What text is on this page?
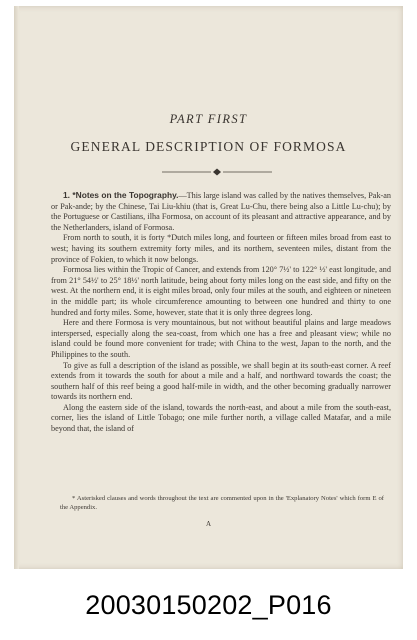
PART FIRST
GENERAL DESCRIPTION OF FORMOSA

1. *Notes on the Topography.—This large island was called by the natives themselves, Pak-an or Pak-ande; by the Chinese, Tai Liu-khiu (that is, Great Lu-Chu, there being also a Little Lu-chu); by the Portuguese or Castilians, ilha Formosa, on account of its pleasant and attractive appearance, and by the Netherlanders, island of Formosa.

From north to south, it is forty *Dutch miles long, and fourteen or fifteen miles broad from east to west; having its southern extremity forty miles, and its northern, seventeen miles, distant from the province of Fokien, to which it now belongs.

Formosa lies within the Tropic of Cancer, and extends from 120° 7½' to 122° ½' east longitude, and from 21° 54½' to 25° 18½' north latitude, being about forty miles long on the east side, and fifty on the west. At the northern end, it is eight miles broad, only four miles at the south, and eighteen or nineteen in the middle part; its whole circumference amounting to between one hundred and thirty to one hundred and forty miles. Some, however, state that it is only three degrees long.

Here and there Formosa is very mountainous, but not without beautiful plains and large meadows interspersed, especially along the sea-coast, from which one has a free and pleasant view; while no island could be found more convenient for trade; with China to the west, Japan to the north, and the Philippines to the south.

To give as full a description of the island as possible, we shall begin at its south-east corner. A reef extends from it towards the south for about a mile and a half, and northward towards the coast; the southern half of this reef being a good half-mile in width, and the other becoming gradually narrower towards its northern end.

Along the eastern side of the island, towards the north-east, and about a mile from the south-east, corner, lies the island of Little Tobago; one mile further north, a village called Matafar, and a mile beyond that, the island of

* Asterisked clauses and words throughout the text are commented upon in the 'Explanatory Notes' which form E of the Appendix.
A
20030150202_P016
